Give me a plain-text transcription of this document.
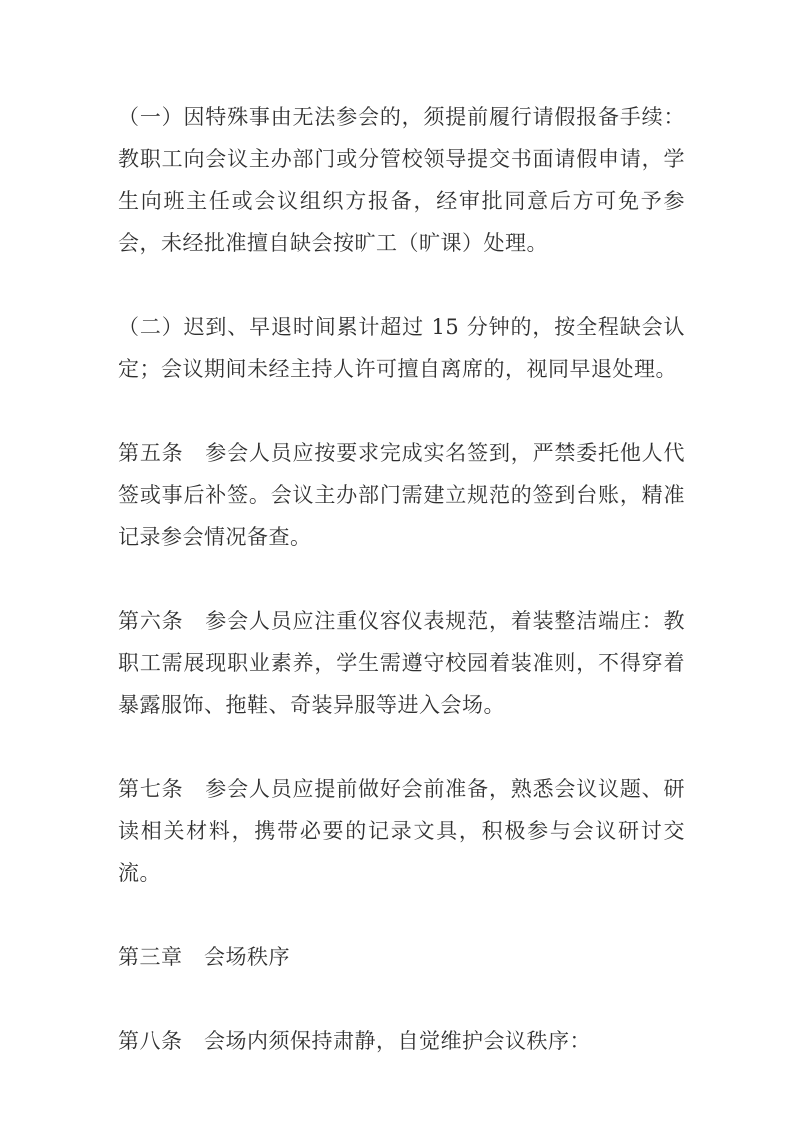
（一）因特殊事由无法参会的，须提前履行请假报备手续：教职工向会议主办部门或分管校领导提交书面请假申请，学生向班主任或会议组织方报备，经审批同意后方可免予参会，未经批准擅自缺会按旷工（旷课）处理。

（二）迟到、早退时间累计超过 15 分钟的，按全程缺会认定；会议期间未经主持人许可擅自离席的，视同早退处理。

第五条　参会人员应按要求完成实名签到，严禁委托他人代签或事后补签。会议主办部门需建立规范的签到台账，精准记录参会情况备查。

第六条　参会人员应注重仪容仪表规范，着装整洁端庄：教职工需展现职业素养，学生需遵守校园着装准则，不得穿着暴露服饰、拖鞋、奇装异服等进入会场。

第七条　参会人员应提前做好会前准备，熟悉会议议题、研读相关材料，携带必要的记录文具，积极参与会议研讨交流。

第三章　会场秩序

第八条　会场内须保持肃静，自觉维护会议秩序：
